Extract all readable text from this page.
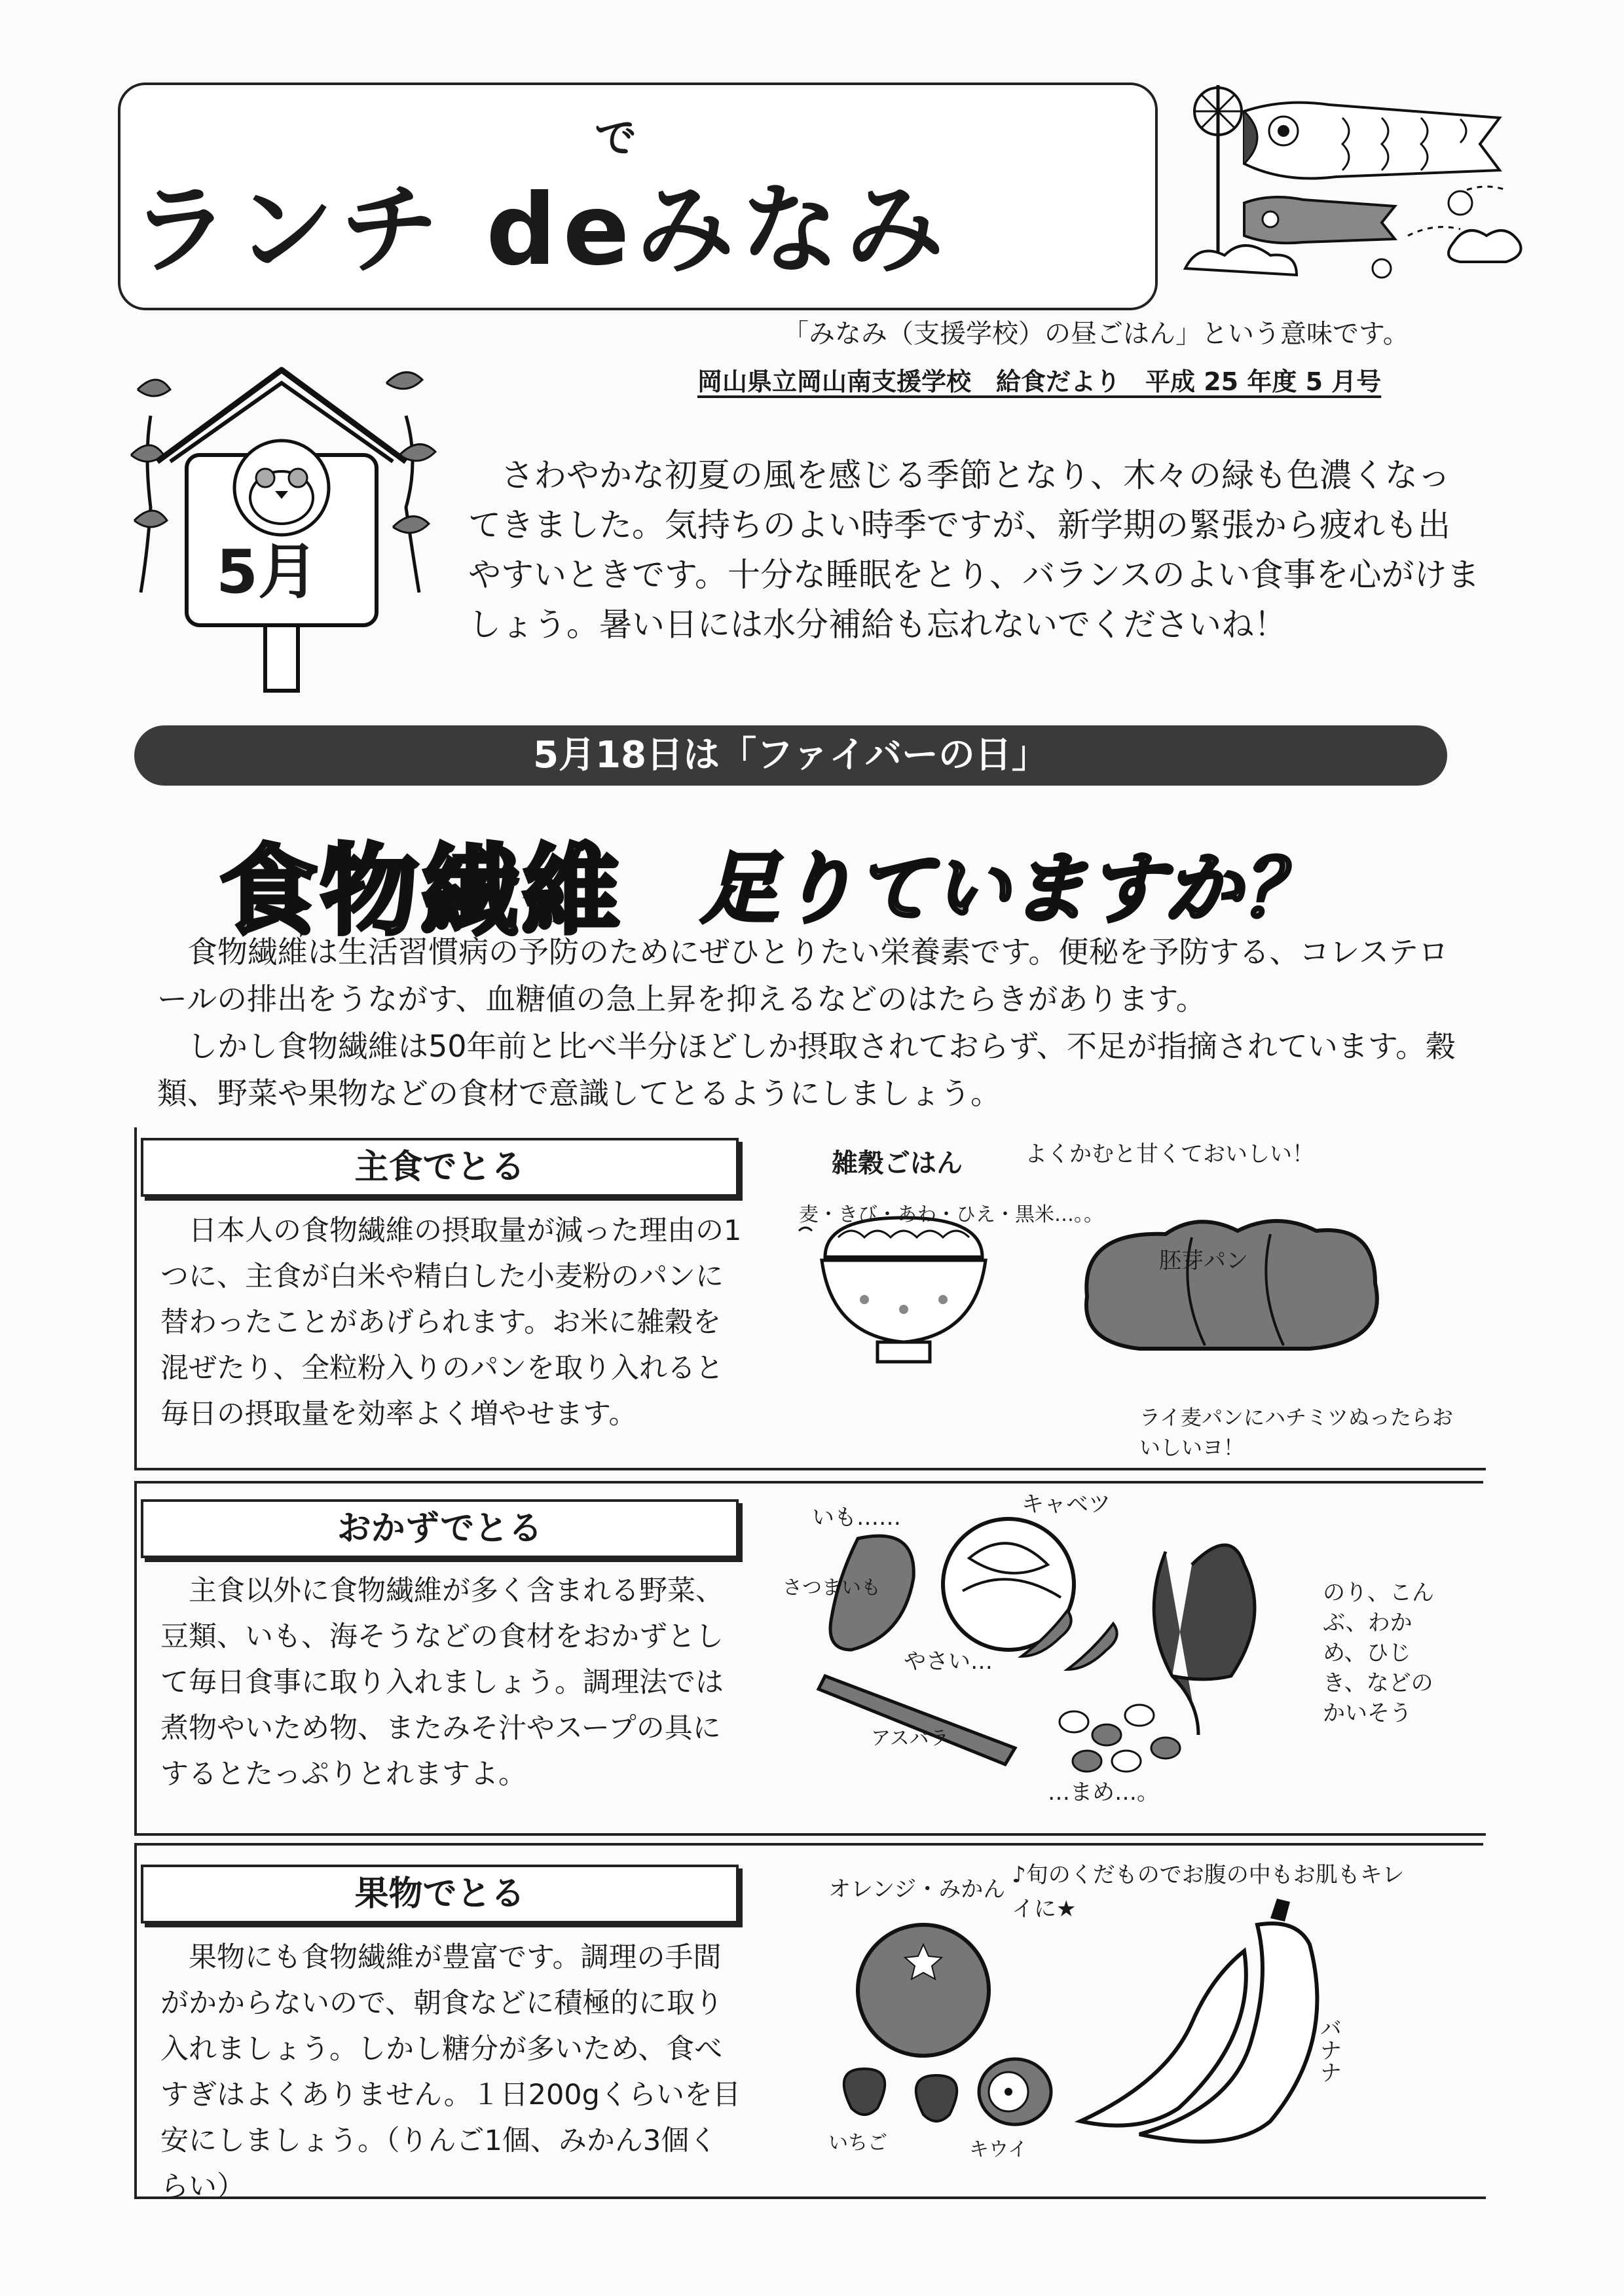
で
ランチ deみなみ
「みなみ（支援学校）の昼ごはん」という意味です。
岡山県立岡山南支援学校　給食だより　平成 25 年度 5 月号
5月
さわやかな初夏の風を感じる季節となり、木々の緑も色濃くなってきました。気持ちのよい時季ですが、新学期の緊張から疲れも出やすいときです。十分な睡眠をとり、バランスのよい食事を心がけましょう。暑い日には水分補給も忘れないでくださいね！
5月18日は「ファイバーの日」
食物繊維 足りていますか？
食物繊維は生活習慣病の予防のためにぜひとりたい栄養素です。便秘を予防する、コレステロールの排出をうながす、血糖値の急上昇を抑えるなどのはたらきがあります。
しかし食物繊維は50年前と比べ半分ほどしか摂取されておらず、不足が指摘されています。穀類、野菜や果物などの食材で意識してとるようにしましょう。
主食でとる
日本人の食物繊維の摂取量が減った理由の1つに、主食が白米や精白した小麦粉のパンに替わったことがあげられます。お米に雑穀を混ぜたり、全粒粉入りのパンを取り入れると毎日の摂取量を効率よく増やせます。
雑穀ごはん	よくかむと甘くておいしい！
麦・きび・あわ・ひえ・黒米…。。
胚芽パン
ライ麦パンにハチミツぬったらおいしいヨ！
おかずでとる
主食以外に食物繊維が多く含まれる野菜、豆類、いも、海そうなどの食材をおかずとして毎日食事に取り入れましょう。調理法では煮物やいため物、またみそ汁やスープの具にするとたっぷりとれますよ。
いも……
さつまいも
キャベツ
やさい…
アスパラ
のり、こんぶ、わかめ、ひじき、などのかいそう
…まめ…。
果物でとる
果物にも食物繊維が豊富です。調理の手間がかからないので、朝食などに積極的に取り入れましょう。しかし糖分が多いため、食べすぎはよくありません。１日200gくらいを目安にしましょう。（りんご1個、みかん3個くらい）
オレンジ・みかん
♪旬のくだものでお腹の中もお肌もキレイに★
バナナ
いちご	キウイ
